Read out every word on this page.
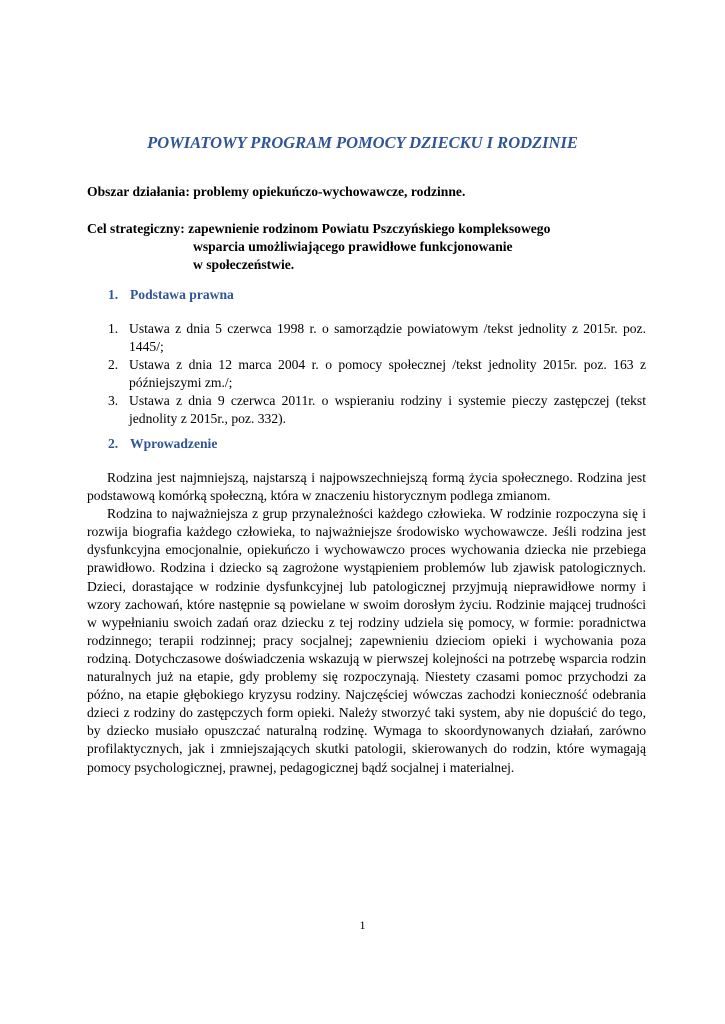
POWIATOWY PROGRAM POMOCY DZIECKU I RODZINIE

Obszar działania: problemy opiekuńczo-wychowawcze, rodzinne.

Cel strategiczny: zapewnienie rodzinom Powiatu Pszczyńskiego kompleksowego
wsparcia umożliwiającego prawidłowe funkcjonowanie
w społeczeństwie.
1. Podstawa prawna
1. Ustawa z dnia 5 czerwca 1998 r. o samorządzie powiatowym /tekst jednolity z 2015r. poz. 1445/;
2. Ustawa z dnia 12 marca 2004 r. o pomocy społecznej /tekst jednolity 2015r. poz. 163 z późniejszymi zm./;
3. Ustawa z dnia 9 czerwca 2011r. o wspieraniu rodziny i systemie pieczy zastępczej (tekst jednolity z 2015r., poz. 332).
2. Wprowadzenie

Rodzina jest najmniejszą, najstarszą i najpowszechniejszą formą życia społecznego. Rodzina jest podstawową komórką społeczną, która w znaczeniu historycznym podlega zmianom.

Rodzina to najważniejsza z grup przynależności każdego człowieka. W rodzinie rozpoczyna się i rozwija biografia każdego człowieka, to najważniejsze środowisko wychowawcze. Jeśli rodzina jest dysfunkcyjna emocjonalnie, opiekuńczo i wychowawczo proces wychowania dziecka nie przebiega prawidłowo. Rodzina i dziecko są zagrożone wystąpieniem problemów lub zjawisk patologicznych. Dzieci, dorastające w rodzinie dysfunkcyjnej lub patologicznej przyjmują nieprawidłowe normy i wzory zachowań, które następnie są powielane w swoim dorosłym życiu. Rodzinie mającej trudności w wypełnianiu swoich zadań oraz dziecku z tej rodziny udziela się pomocy, w formie: poradnictwa rodzinnego; terapii rodzinnej; pracy socjalnej; zapewnieniu dzieciom opieki i wychowania poza rodziną. Dotychczasowe doświadczenia wskazują w pierwszej kolejności na potrzebę wsparcia rodzin naturalnych już na etapie, gdy problemy się rozpoczynają. Niestety czasami pomoc przychodzi za późno, na etapie głębokiego kryzysu rodziny. Najczęściej wówczas zachodzi konieczność odebrania dzieci z rodziny do zastępczych form opieki. Należy stworzyć taki system, aby nie dopuścić do tego, by dziecko musiało opuszczać naturalną rodzinę. Wymaga to skoordynowanych działań, zarówno profilaktycznych, jak i zmniejszających skutki patologii, skierowanych do rodzin, które wymagają pomocy psychologicznej, prawnej, pedagogicznej bądź socjalnej i materialnej.

1
